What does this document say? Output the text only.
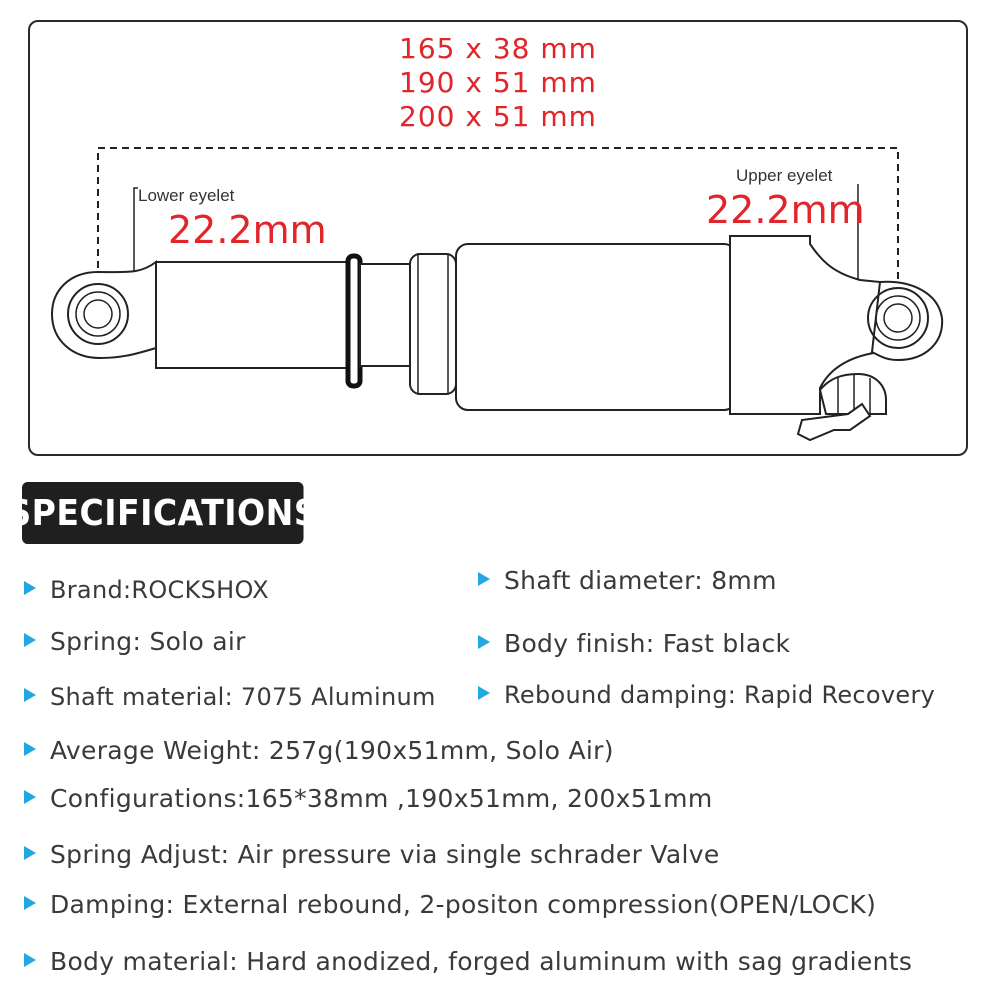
165 x 38 mm
190 x 51 mm
200 x 51 mm
Lower eyelet
22.2mm
Upper eyelet
22.2mm
SPECIFICATIONS
Brand:ROCKSHOX	Shaft diameter: 8mm
Spring: Solo air	Body finish: Fast black
Shaft material: 7075 Aluminum	Rebound damping: Rapid Recovery
Average Weight: 257g(190x51mm, Solo Air)
Configurations:165*38mm ,190x51mm, 200x51mm
Spring Adjust: Air pressure via single schrader Valve
Damping: External rebound, 2-positon compression(OPEN/LOCK)
Body material: Hard anodized, forged aluminum with sag gradients
